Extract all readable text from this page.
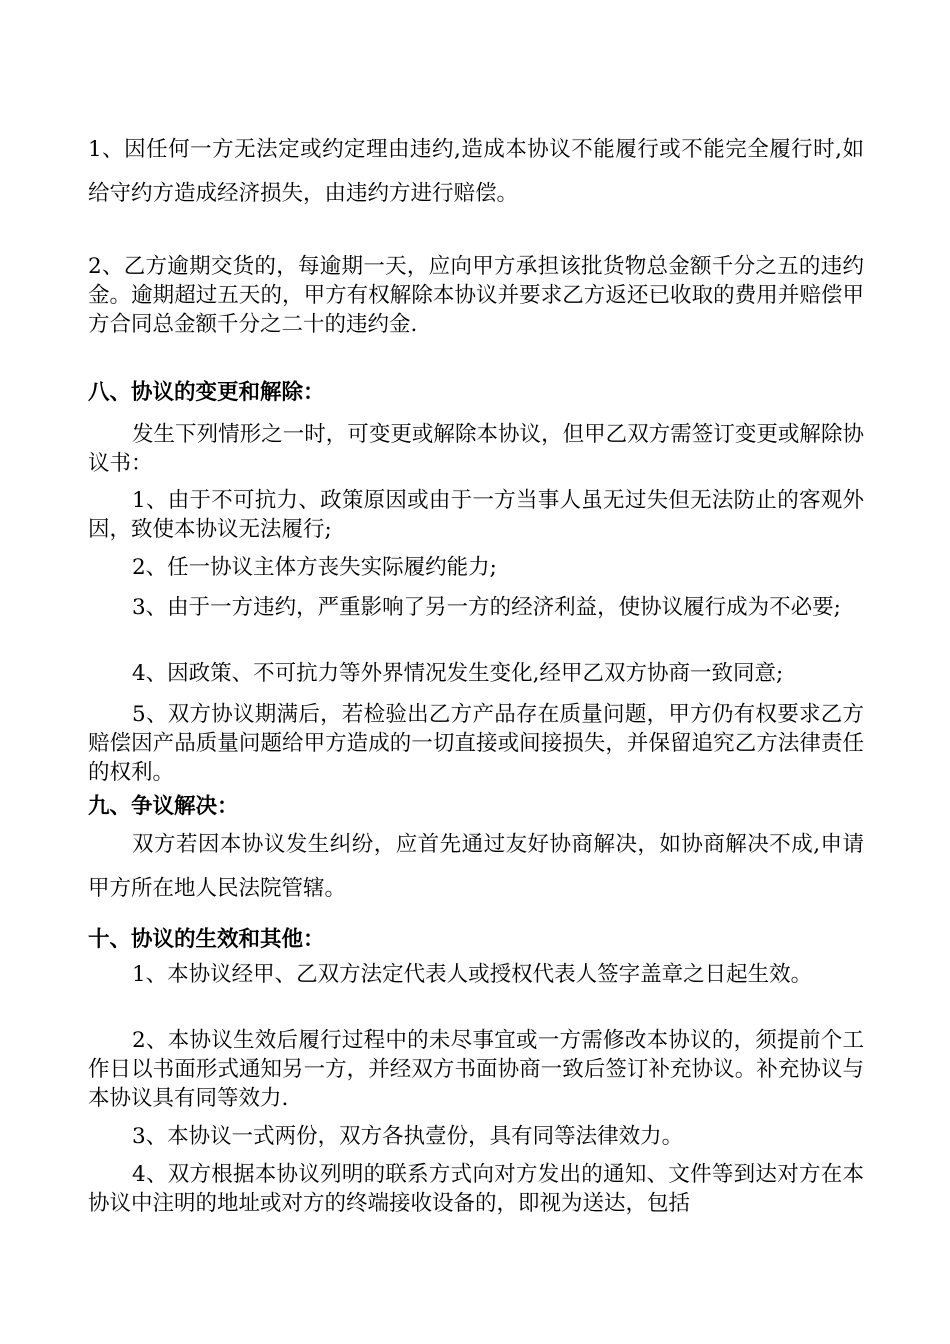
1、因任何一方无法定或约定理由违约,造成本协议不能履行或不能完全履行时,如给守约方造成经济损失，由违约方进行赔偿。

2、乙方逾期交货的，每逾期一天，应向甲方承担该批货物总金额千分之五的违约金。逾期超过五天的，甲方有权解除本协议并要求乙方返还已收取的费用并赔偿甲方合同总金额千分之二十的违约金.

八、协议的变更和解除：

发生下列情形之一时，可变更或解除本协议，但甲乙双方需签订变更或解除协议书：

1、由于不可抗力、政策原因或由于一方当事人虽无过失但无法防止的客观外因，致使本协议无法履行;

2、任一协议主体方丧失实际履约能力;

3、由于一方违约，严重影响了另一方的经济利益，使协议履行成为不必要;

4、因政策、不可抗力等外界情况发生变化,经甲乙双方协商一致同意;

5、双方协议期满后，若检验出乙方产品存在质量问题，甲方仍有权要求乙方赔偿因产品质量问题给甲方造成的一切直接或间接损失，并保留追究乙方法律责任的权利。

九、争议解决：

双方若因本协议发生纠纷，应首先通过友好协商解决，如协商解决不成,申请甲方所在地人民法院管辖。

十、协议的生效和其他：

1、本协议经甲、乙双方法定代表人或授权代表人签字盖章之日起生效。

2、本协议生效后履行过程中的未尽事宜或一方需修改本协议的，须提前个工作日以书面形式通知另一方，并经双方书面协商一致后签订补充协议。补充协议与本协议具有同等效力.

3、本协议一式两份，双方各执壹份，具有同等法律效力。

4、双方根据本协议列明的联系方式向对方发出的通知、文件等到达对方在本协议中注明的地址或对方的终端接收设备的，即视为送达，包括
